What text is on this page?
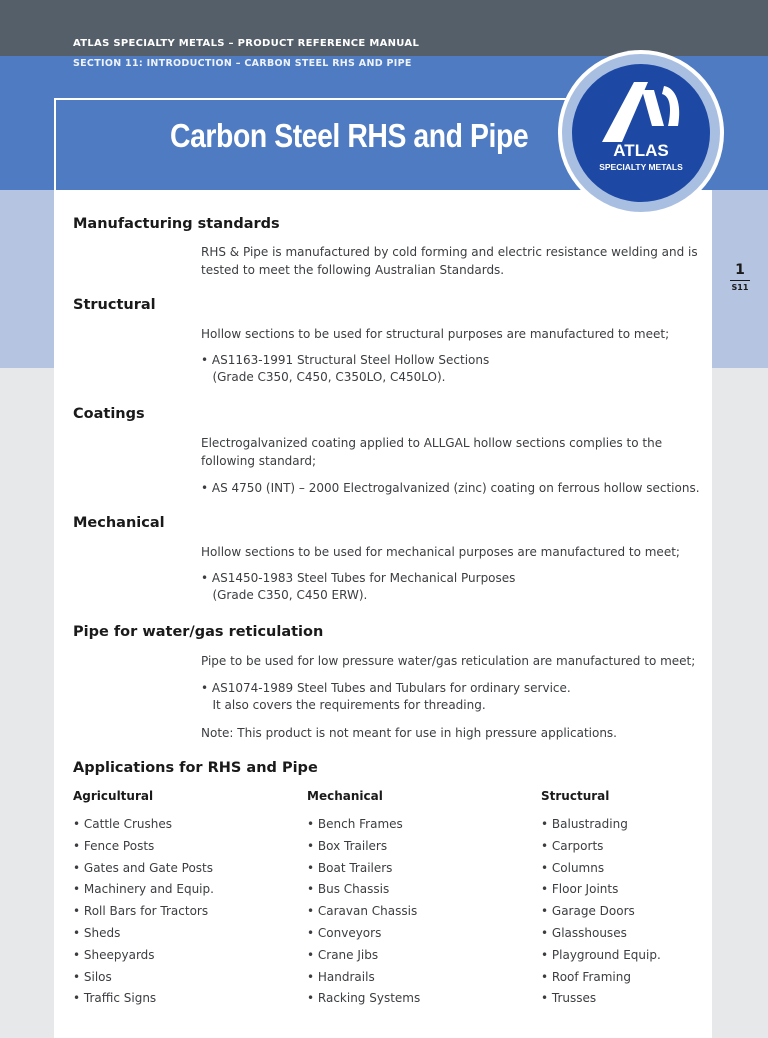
ATLAS SPECIALTY METALS – PRODUCT REFERENCE MANUAL
SECTION 11: INTRODUCTION – CARBON STEEL RHS AND PIPE
Carbon Steel RHS and Pipe	ATLAS
SPECIALTY METALS
1
S11
Manufacturing standards

RHS & Pipe is manufactured by cold forming and electric resistance welding and is tested to meet the following Australian Standards.

Structural

Hollow sections to be used for structural purposes are manufactured to meet;

• AS1163-1991 Structural Steel Hollow Sections
(Grade C350, C450, C350LO, C450LO).
Coatings

Electrogalvanized coating applied to ALLGAL hollow sections complies to the following standard;

• AS 4750 (INT) – 2000 Electrogalvanized (zinc) coating on ferrous hollow sections.
Mechanical

Hollow sections to be used for mechanical purposes are manufactured to meet;

• AS1450-1983 Steel Tubes for Mechanical Purposes
(Grade C350, C450 ERW).
Pipe for water/gas reticulation

Pipe to be used for low pressure water/gas reticulation are manufactured to meet;

• AS1074-1989 Steel Tubes and Tubulars for ordinary service.
It also covers the requirements for threading.

Note: This product is not meant for use in high pressure applications.

Applications for RHS and Pipe
Agricultural	Mechanical	Structural
• Cattle Crushes
• Fence Posts
• Gates and Gate Posts
• Machinery and Equip.
• Roll Bars for Tractors
• Sheds
• Sheepyards
• Silos
• Traffic Signs
• Bench Frames
• Box Trailers
• Boat Trailers
• Bus Chassis
• Caravan Chassis
• Conveyors
• Crane Jibs
• Handrails
• Racking Systems
• Balustrading
• Carports
• Columns
• Floor Joints
• Garage Doors
• Glasshouses
• Playground Equip.
• Roof Framing
• Trusses
